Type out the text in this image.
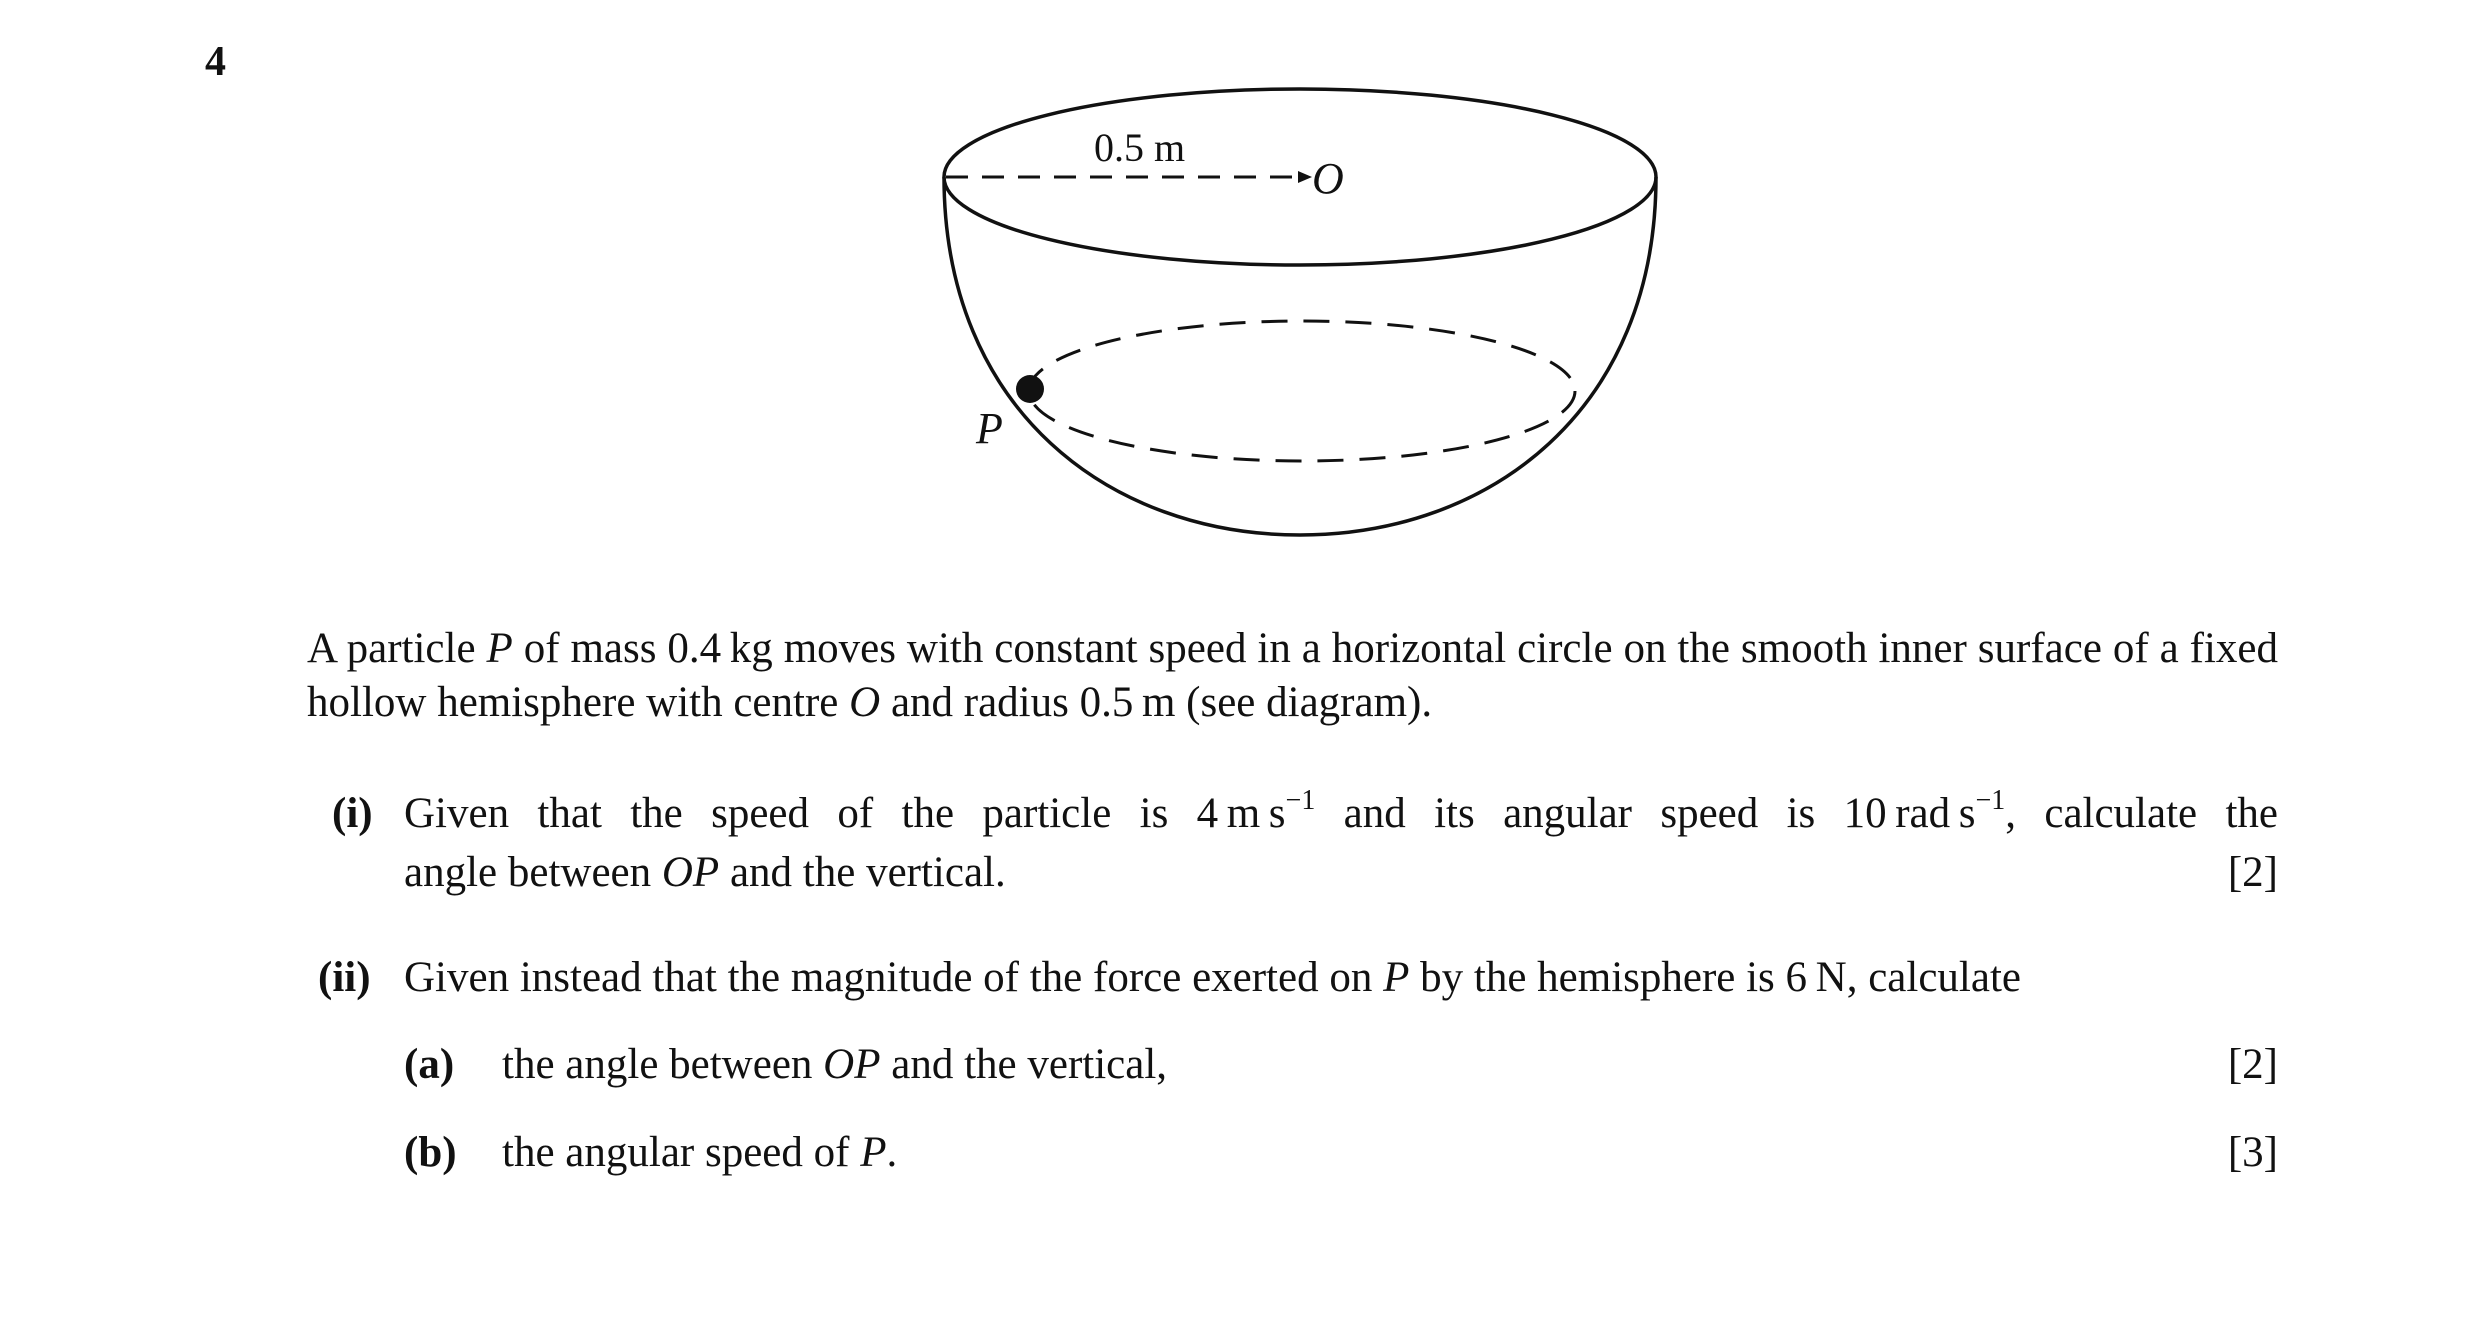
4
0.5 m
O
P
A particle P of mass 0.4 kg moves with constant speed in a horizontal circle on the smooth inner surface of a fixed hollow hemisphere with centre O and radius 0.5 m (see diagram).
(i) Given that the speed of the particle is 4 m $s^{-1}$ and its angular speed is 10 rad $s^{-1}$, calculate the
angle between OP and the vertical.	[2]
(ii) Given instead that the magnitude of the force exerted on P by the hemisphere is 6 N, calculate
(a) the angle between OP and the vertical,	[2]
(b) the angular speed of P.	[3]
